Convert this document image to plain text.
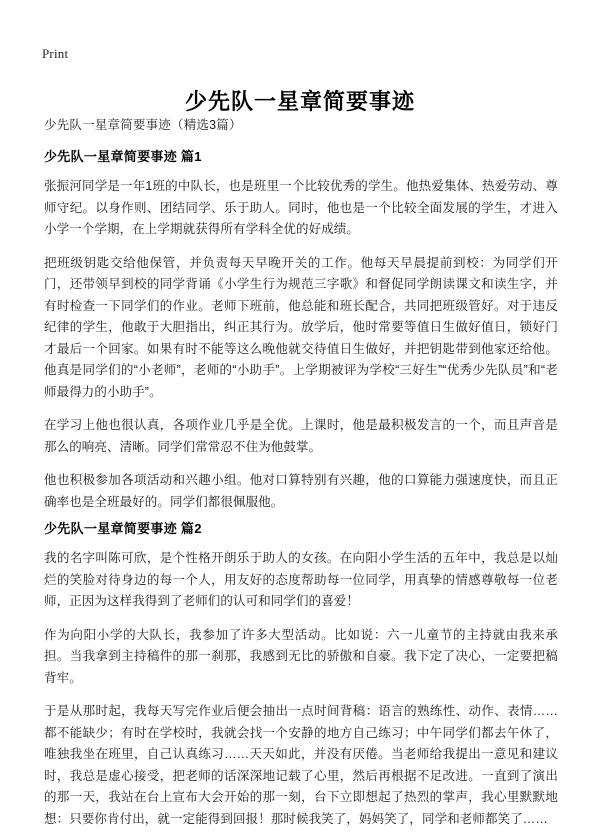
Print
少先队一星章简要事迹

少先队一星章简要事迹（精选3篇）

少先队一星章简要事迹 篇1

张振河同学是一年1班的中队长，也是班里一个比较优秀的学生。他热爱集体、热爱劳动、尊师守纪。以身作则、团结同学、乐于助人。同时，他也是一个比较全面发展的学生，才进入小学一个学期，在上学期就获得所有学科全优的好成绩。

把班级钥匙交给他保管，并负责每天早晚开关的工作。他每天早晨提前到校：为同学们开门，还带领早到校的同学背诵《小学生行为规范三字歌》和督促同学朗读课文和读生字，并有时检查一下同学们的作业。老师下班前，他总能和班长配合，共同把班级管好。对于违反纪律的学生，他敢于大胆指出，纠正其行为。放学后，他时常要等值日生做好值日，锁好门才最后一个回家。如果有时不能等这么晚他就交待值日生做好，并把钥匙带到他家还给他。他真是同学们的“小老师”，老师的“小助手”。上学期被评为学校“三好生”“优秀少先队员”和“老师最得力的小助手”。

在学习上他也很认真，各项作业几乎是全优。上课时，他是最积极发言的一个，而且声音是那么的响亮、清晰。同学们常常忍不住为他鼓掌。

他也积极参加各项活动和兴趣小组。他对口算特别有兴趣，他的口算能力强速度快，而且正确率也是全班最好的。同学们都很佩服他。

少先队一星章简要事迹 篇2

我的名字叫陈可欣，是个性格开朗乐于助人的女孩。在向阳小学生活的五年中，我总是以灿烂的笑脸对待身边的每一个人，用友好的态度帮助每一位同学，用真挚的情感尊敬每一位老师，正因为这样我得到了老师们的认可和同学们的喜爱！

作为向阳小学的大队长，我参加了许多大型活动。比如说：六一儿童节的主持就由我来承担。当我拿到主持稿件的那一刹那，我感到无比的骄傲和自豪。我下定了决心，一定要把稿背牢。

于是从那时起，我每天写完作业后便会抽出一点时间背稿：语言的熟练性、动作、表情……都不能缺少；有时在学校时，我就会找一个安静的地方自己练习；中午同学们都去午休了，唯独我坐在班里，自己认真练习……天天如此，并没有厌倦。当老师给我提出一意见和建议时，我总是虚心接受，把老师的话深深地记载了心里，然后再根据不足改进。一直到了演出的那一天，我站在台上宣布大会开始的那一刻，台下立即想起了热烈的掌声，我心里默默地想：只要你肯付出，就一定能得到回报！那时候我笑了，妈妈笑了，同学和老师都笑了……
